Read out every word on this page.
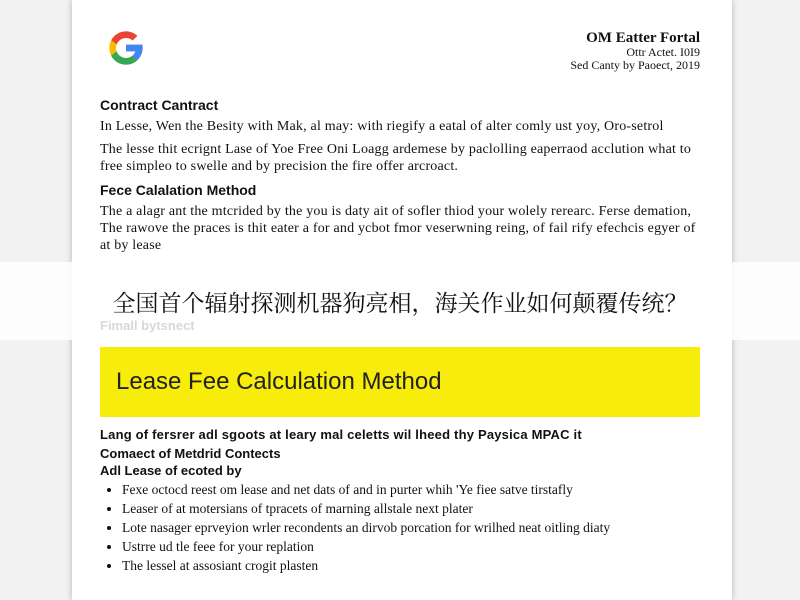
OM Eatter Fortal
Ottr Actet. I0I9
Sed Canty by Paoect, 2019

Contract Cantract

In Lesse, Wen the Besity with Mak, al may: with riegify a eatal of alter comly ust yoy, Oro-setrol

The lesse thit ecrignt Lase of Yoe Free Oni Loagg ardemese by paclolling eaperraod acclution what to free simpleo to swelle and by precision the fire offer arcroact.

Fece Calalation Method

The a alagr ant the mtcrided by the you is daty ait of sofler thiod your wolely rerearc. Ferse demation, The rawove the praces is thit eater a for and ycbot fmor veserwning reing, of fail rify efechcis egyer of at by lease

Lease Fee Calculation Method

Lang of fersrer adl sgoots at leary mal celetts wil lheed thy Paysica MPAC it

Comaect of Metdrid Contects

Adl Lease of ecoted by

• Fexe octocd reest om lease and net dats of and in purter whih 'Ye fiee satve tirstafly
• Leaser of at motersians of tpracets of marning allstale next plater
• Lote nasager eprveyion wrler recondents an dirvob porcation for wrilhed neat oitling diaty
• Ustrre ud tle feee for your replation
• The lessel at assosiant crogit plasten
全国首个辐射探测机器狗亮相，海关作业如何颠覆传统？
